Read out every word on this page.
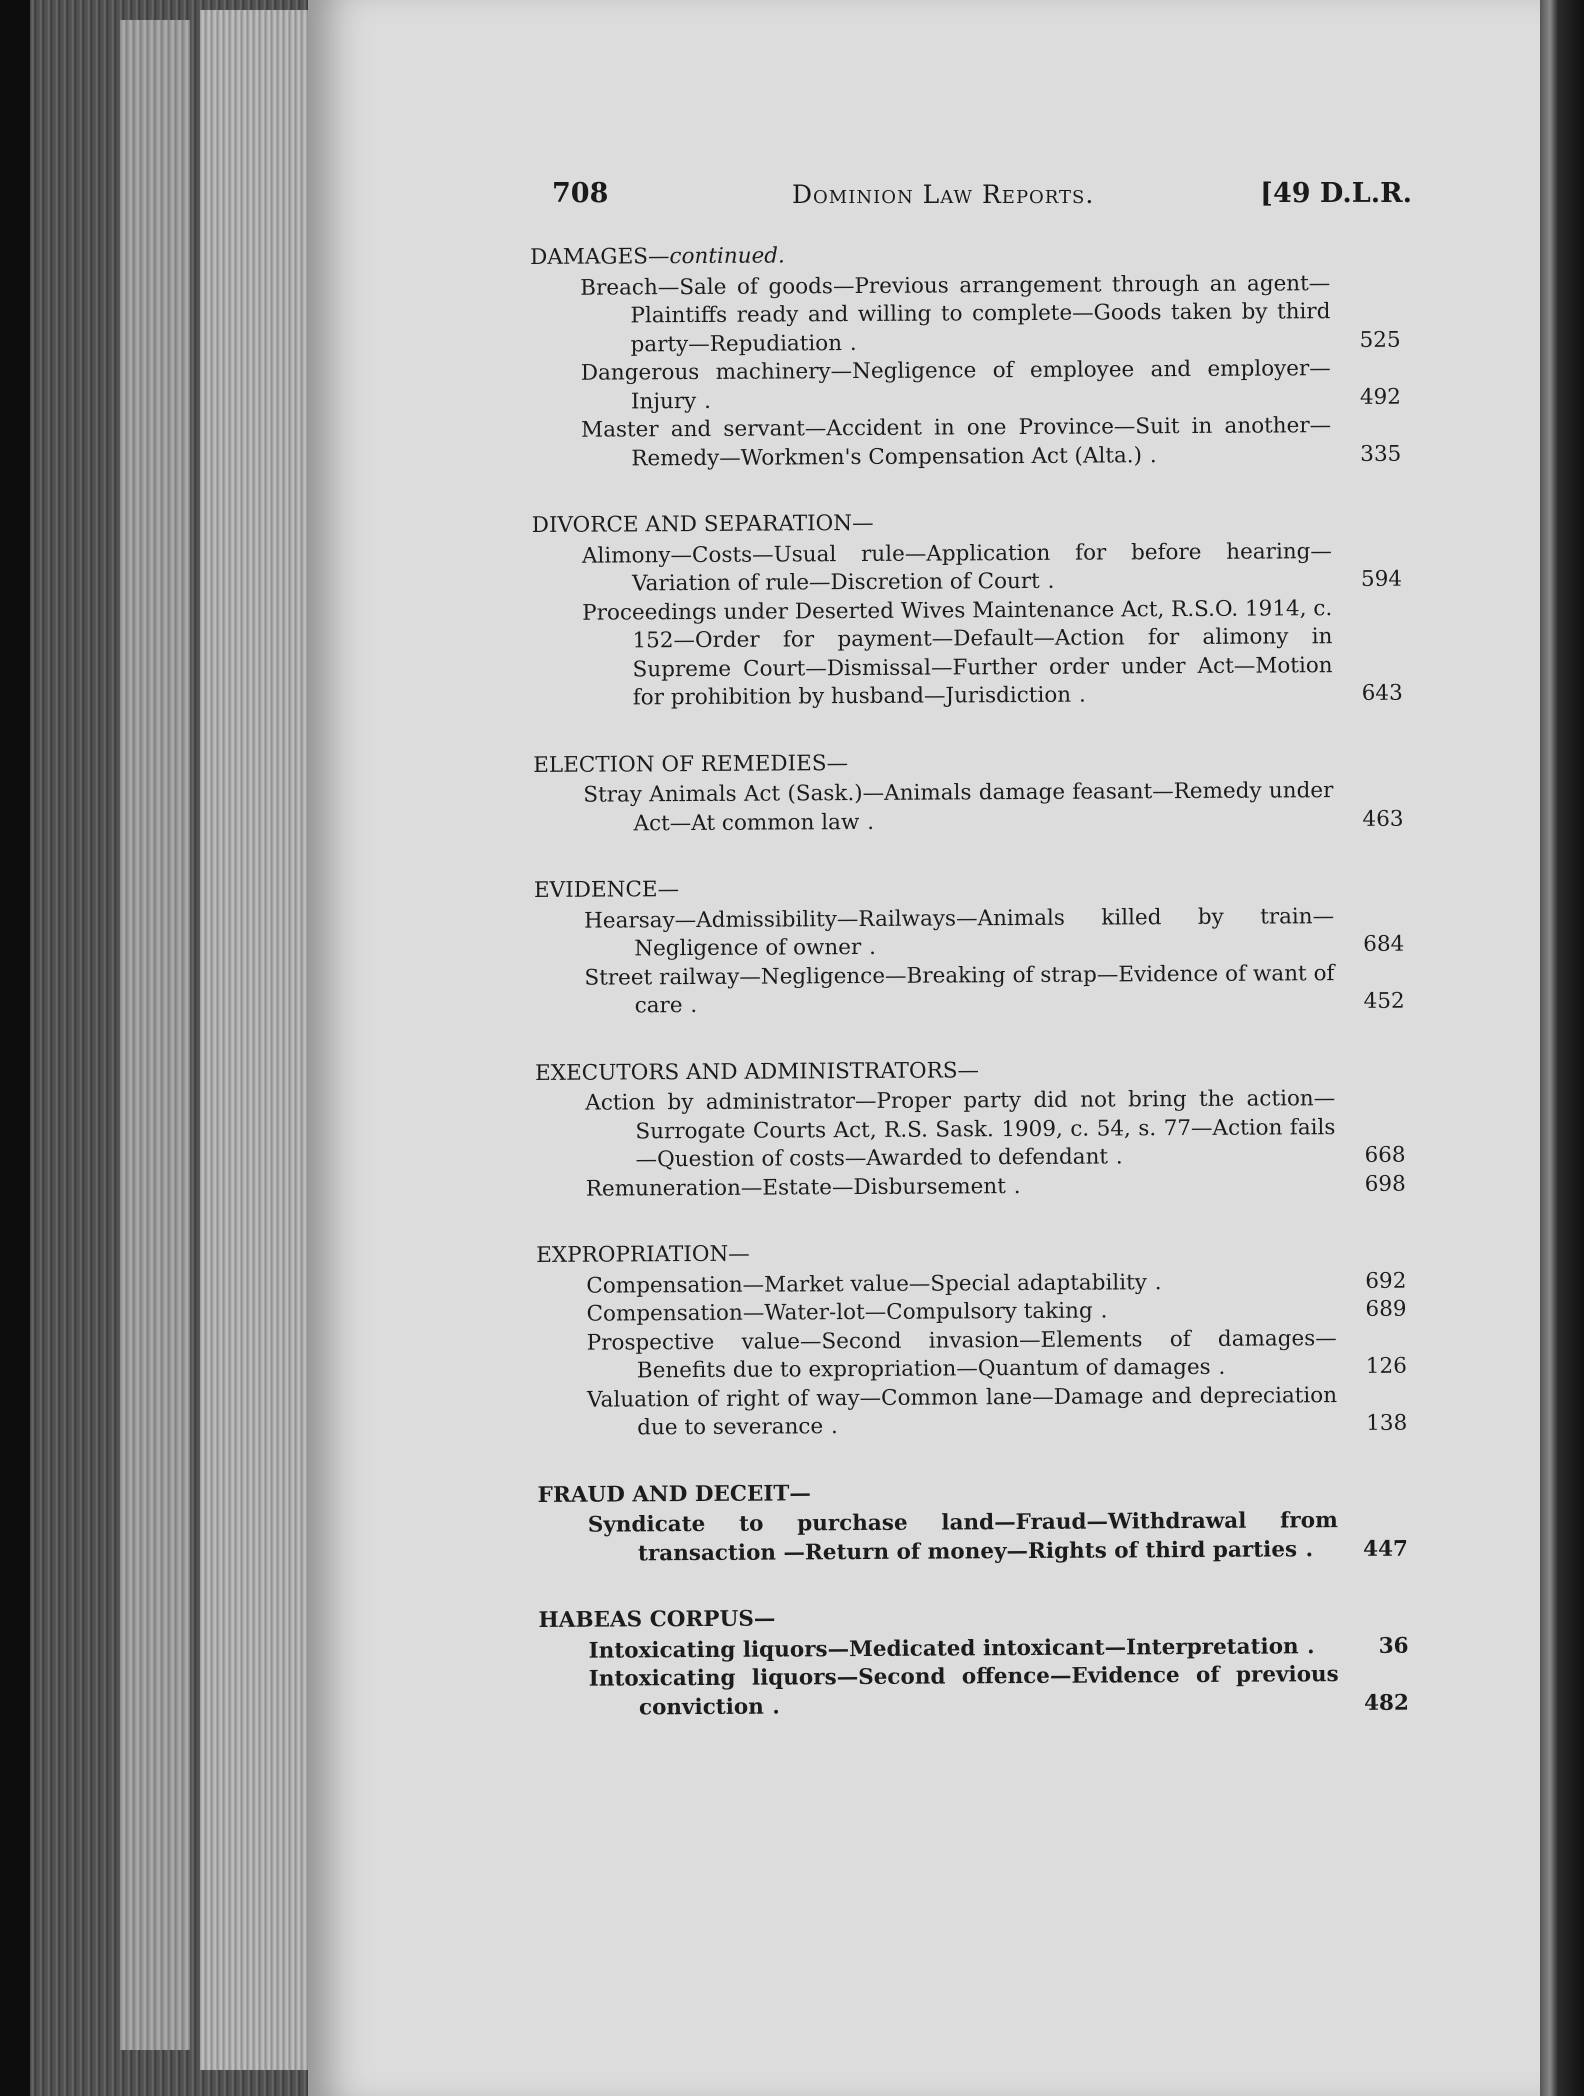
708	Dominion Law Reports.	[49 D.L.R.
DAMAGES—continued.
Breach—Sale of goods—Previous arrangement through an agent—Plaintiffs ready and willing to complete—Goods taken by third party—Repudiation .	525
Dangerous machinery—Negligence of employee and employer—Injury .	492
Master and servant—Accident in one Province—Suit in another—Remedy—Workmen's Compensation Act (Alta.) .	335
DIVORCE AND SEPARATION—
Alimony—Costs—Usual rule—Application for before hearing—Variation of rule—Discretion of Court .	594
Proceedings under Deserted Wives Maintenance Act, R.S.O. 1914, c. 152—Order for payment—Default—Action for alimony in Supreme Court—Dismissal—Further order under Act—Motion for prohibition by husband—Jurisdiction .	643
ELECTION OF REMEDIES—
Stray Animals Act (Sask.)—Animals damage feasant—Remedy under Act—At common law .	463
EVIDENCE—
Hearsay—Admissibility—Railways—Animals killed by train—Negligence of owner .	684
Street railway—Negligence—Breaking of strap—Evidence of want of care .	452
EXECUTORS AND ADMINISTRATORS—
Action by administrator—Proper party did not bring the action—Surrogate Courts Act, R.S. Sask. 1909, c. 54, s. 77—Action fails —Question of costs—Awarded to defendant .	668
Remuneration—Estate—Disbursement .	698
EXPROPRIATION—
Compensation—Market value—Special adaptability .	692
Compensation—Water-lot—Compulsory taking .	689
Prospective value—Second invasion—Elements of damages—Benefits due to expropriation—Quantum of damages .	126
Valuation of right of way—Common lane—Damage and depreciation due to severance .	138
FRAUD AND DECEIT—
Syndicate to purchase land—Fraud—Withdrawal from transaction —Return of money—Rights of third parties .	447
HABEAS CORPUS—
Intoxicating liquors—Medicated intoxicant—Interpretation .	36
Intoxicating liquors—Second offence—Evidence of previous conviction .	482
